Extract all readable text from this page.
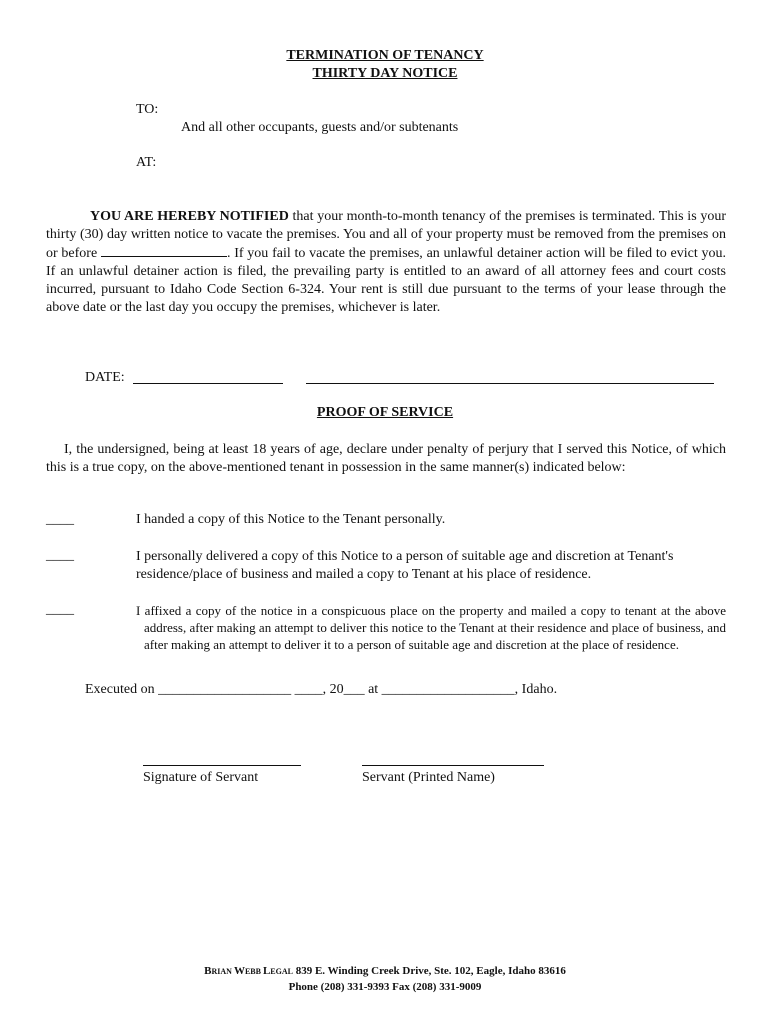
TERMINATION OF TENANCY
THIRTY DAY NOTICE
TO:
And all other occupants, guests and/or subtenants
AT:
YOU ARE HEREBY NOTIFIED that your month-to-month tenancy of the premises is terminated. This is your thirty (30) day written notice to vacate the premises. You and all of your property must be removed from the premises on or before	. If you fail to vacate the premises, an unlawful detainer action will be filed to evict you. If an unlawful detainer action is filed, the prevailing party is entitled to an award of all attorney fees and court costs incurred, pursuant to Idaho Code Section 6-324. Your rent is still due pursuant to the terms of your lease through the above date or the last day you occupy the premises, whichever is later.
DATE:
PROOF OF SERVICE
I, the undersigned, being at least 18 years of age, declare under penalty of perjury that I served this Notice, of which this is a true copy, on the above-mentioned tenant in possession in the same manner(s) indicated below:
____	I handed a copy of this Notice to the Tenant personally.
____	I personally delivered a copy of this Notice to a person of suitable age and discretion at Tenant's residence/place of business and mailed a copy to Tenant at his place of residence.
____	I affixed a copy of the notice in a conspicuous place on the property and mailed a copy to tenant at the above address, after making an attempt to deliver this notice to the Tenant at their residence and place of business, and after making an attempt to deliver it to a person of suitable age and discretion at the place of residence.
Executed on ___________________ ____, 20___ at ___________________, Idaho.
Signature of Servant	Servant (Printed Name)
BRIAN WEBB LEGAL 839 E. Winding Creek Drive, Ste. 102, Eagle, Idaho 83616
Phone (208) 331-9393 Fax (208) 331-9009
